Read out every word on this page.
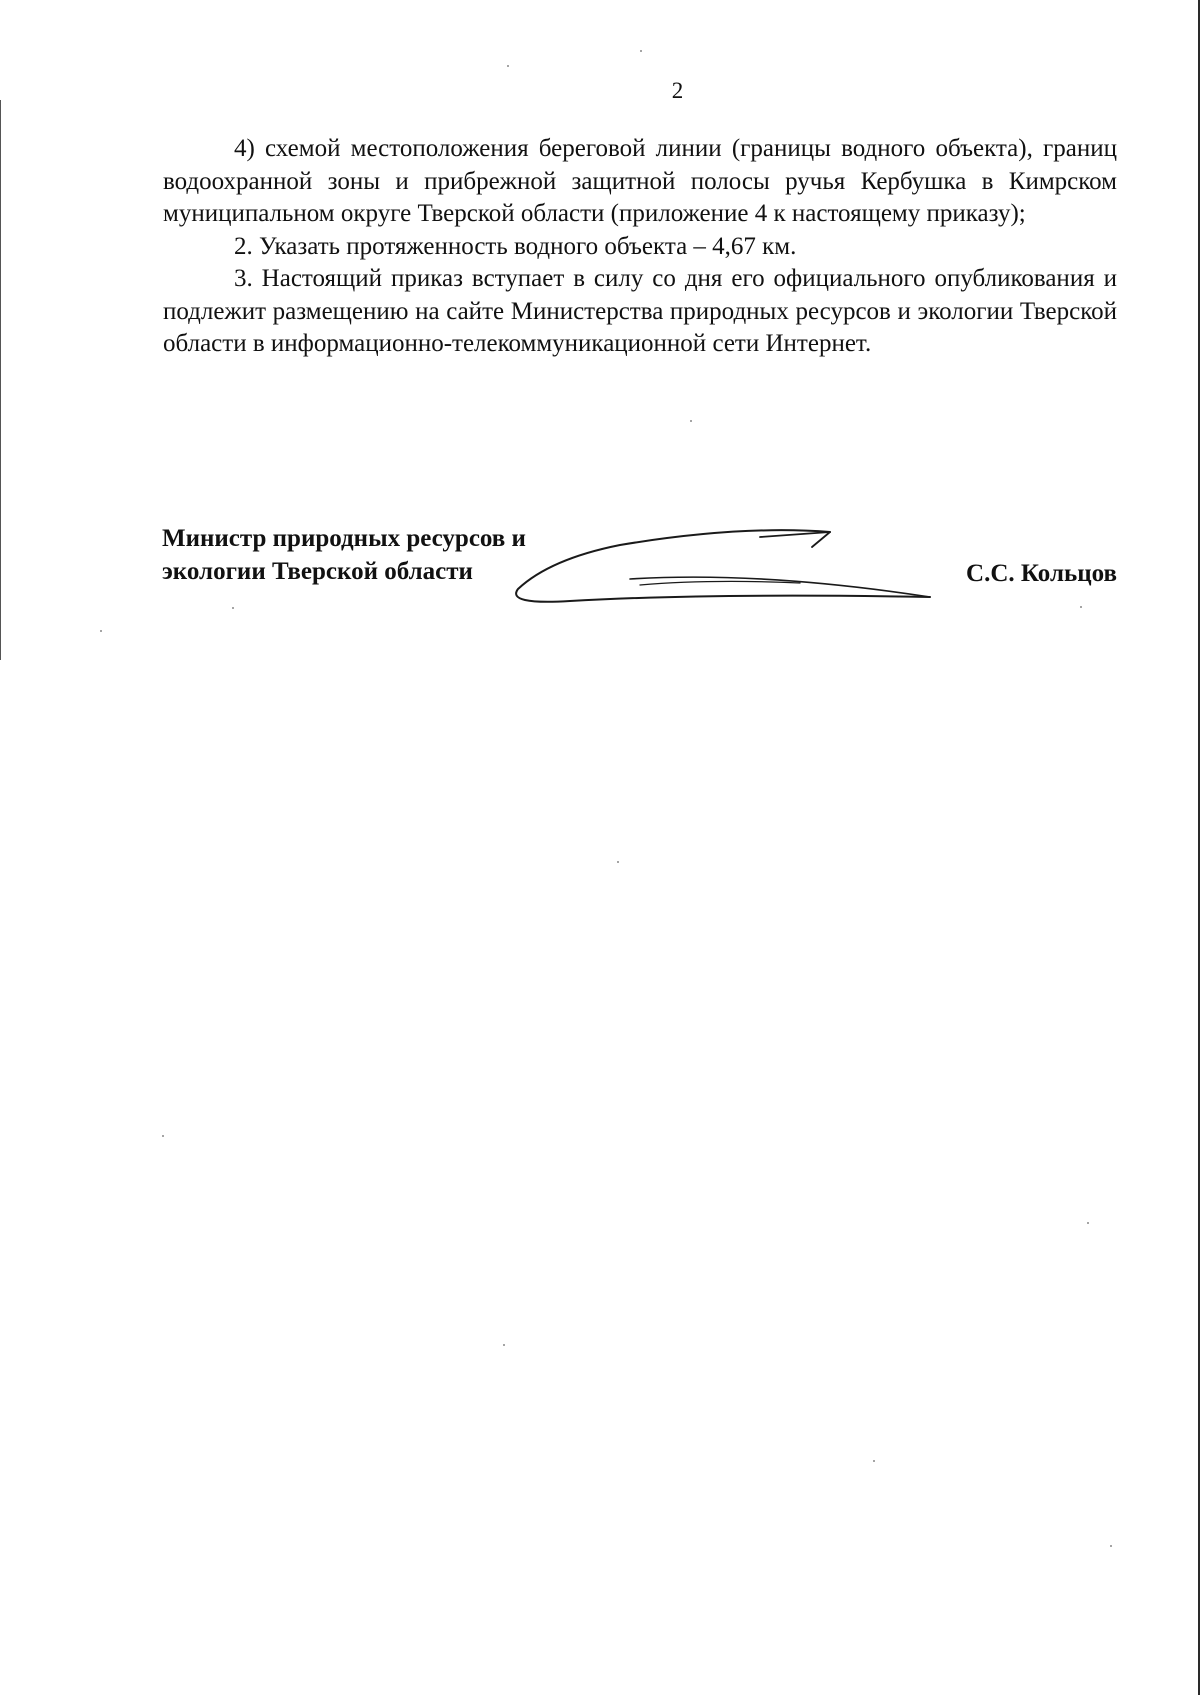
2

4) схемой местоположения береговой линии (границы водного объекта), границ водоохранной зоны и прибрежной защитной полосы ручья Кербушка в Кимрском муниципальном округе Тверской области (приложение 4 к настоящему приказу);

2. Указать протяженность водного объекта – 4,67 км.

3. Настоящий приказ вступает в силу со дня его официального опубликования и подлежит размещению на сайте Министерства природных ресурсов и экологии Тверской области в информационно-телекоммуникационной сети Интернет.

Министр природных ресурсов и
экологии Тверской области	С.С. Кольцов
